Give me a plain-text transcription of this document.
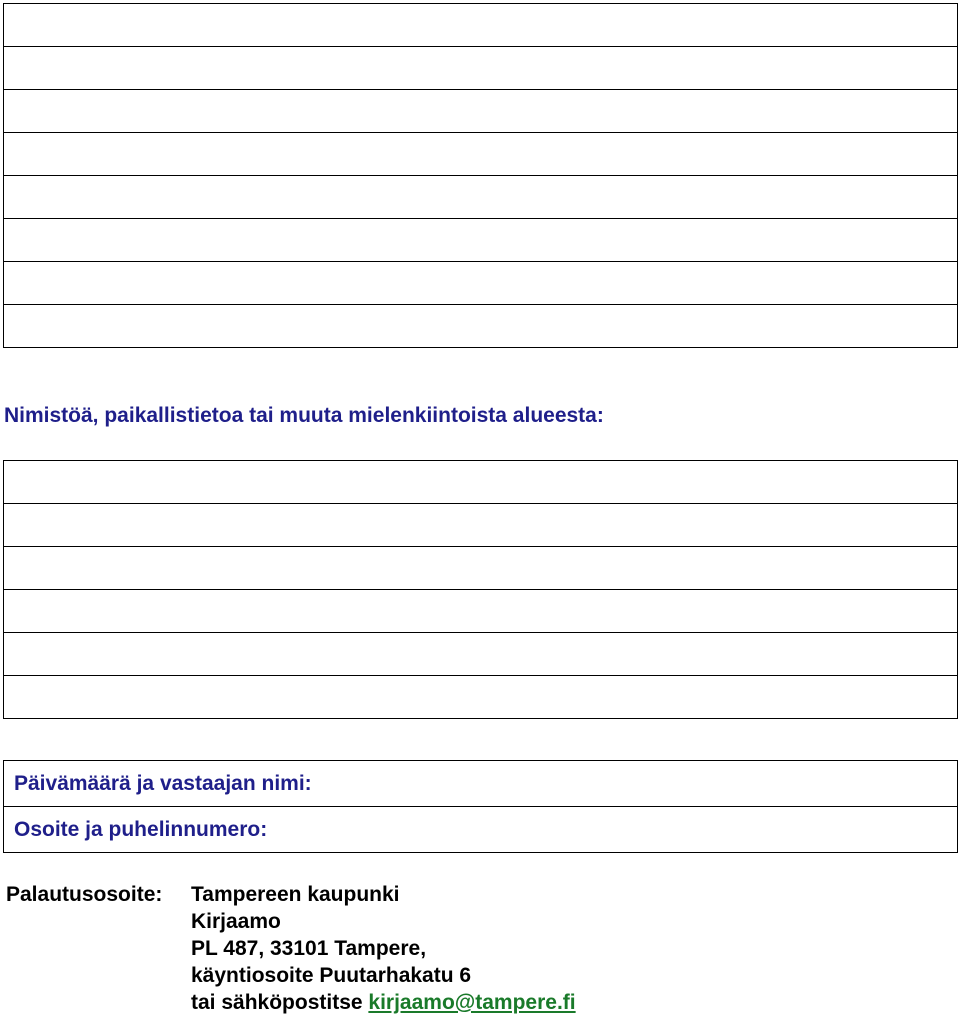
Nimistöä, paikallistietoa tai muuta mielenkiintoista alueesta:

Päivämäärä ja vastaajan nimi:
Osoite ja puhelinnumero:
Palautusosoite: Tampereen kaupunki
Kirjaamo
PL 487, 33101 Tampere,
käyntiosoite Puutarhakatu 6
tai sähköpostitse kirjaamo@tampere.fi
